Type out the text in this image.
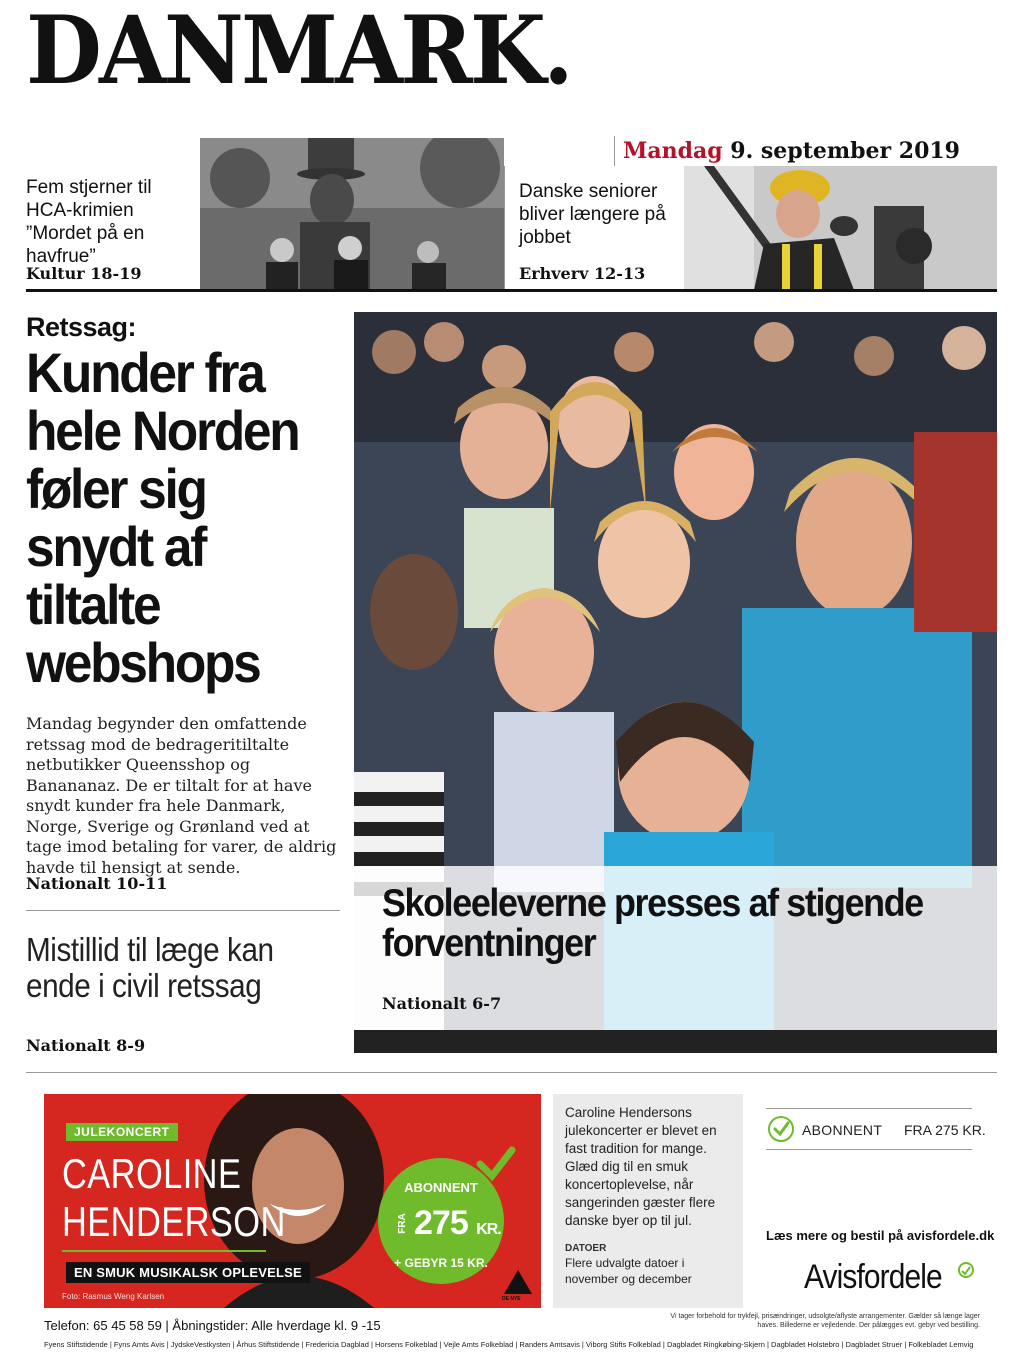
DANMARK.
Mandag 9. september 2019
Fem stjerner til HCA-krimien ”Mordet på en havfrue”
Kultur 18-19
Danske seniorer bliver længere på jobbet
Erhverv 12-13
Retssag:
Kunder fra hele Norden føler sig snydt af tiltalte webshops
Mandag begynder den omfattende retssag mod de bedrageritiltalte netbutikker Queensshop og Banananaz. De er tiltalt for at have snydt kunder fra hele Danmark, Norge, Sverige og Grønland ved at tage imod betaling for varer, de aldrig havde til hensigt at sende.
Nationalt 10-11
Mistillid til læge kan ende i civil retssag
Nationalt 8-9
Skoleeleverne presses af stigende forventninger
Nationalt 6-7
JULEKONCERT
CAROLINE
HENDERSON
EN SMUK MUSIKALSK OPLEVELSE
Foto: Rasmus Weng Karlsen
ABONNENT
FRA 275 KR.
+ GEBYR 15 KR.
DE NYE

Caroline Hendersons julekoncerter er blevet en fast tradition for mange. Glæd dig til en smuk koncertoplevelse, når sangerinden gæster flere danske byer op til jul.

DATOER

Flere udvalgte datoer i november og december

ABONNENT FRA 275 KR.
Læs mere og bestil på avisfordele.dk
Avisfordele
Telefon: 65 45 58 59 | Åbningstider: Alle hverdage kl. 9 -15
Vi tager forbehold for trykfejl, prisændringer, udsolgte/aflyste arrangementer. Gælder så længe lager haves. Billederne er vejledende. Der pålægges evt. gebyr ved bestilling.
Fyens Stiftstidende | Fyns Amts Avis | JydskeVestkysten | Århus Stiftstidende | Fredericia Dagblad | Horsens Folkeblad | Vejle Amts Folkeblad | Randers Amtsavis | Viborg Stifts Folkeblad | Dagbladet Ringkøbing-Skjern | Dagbladet Holstebro | Dagbladet Struer | Folkebladet Lemvig
